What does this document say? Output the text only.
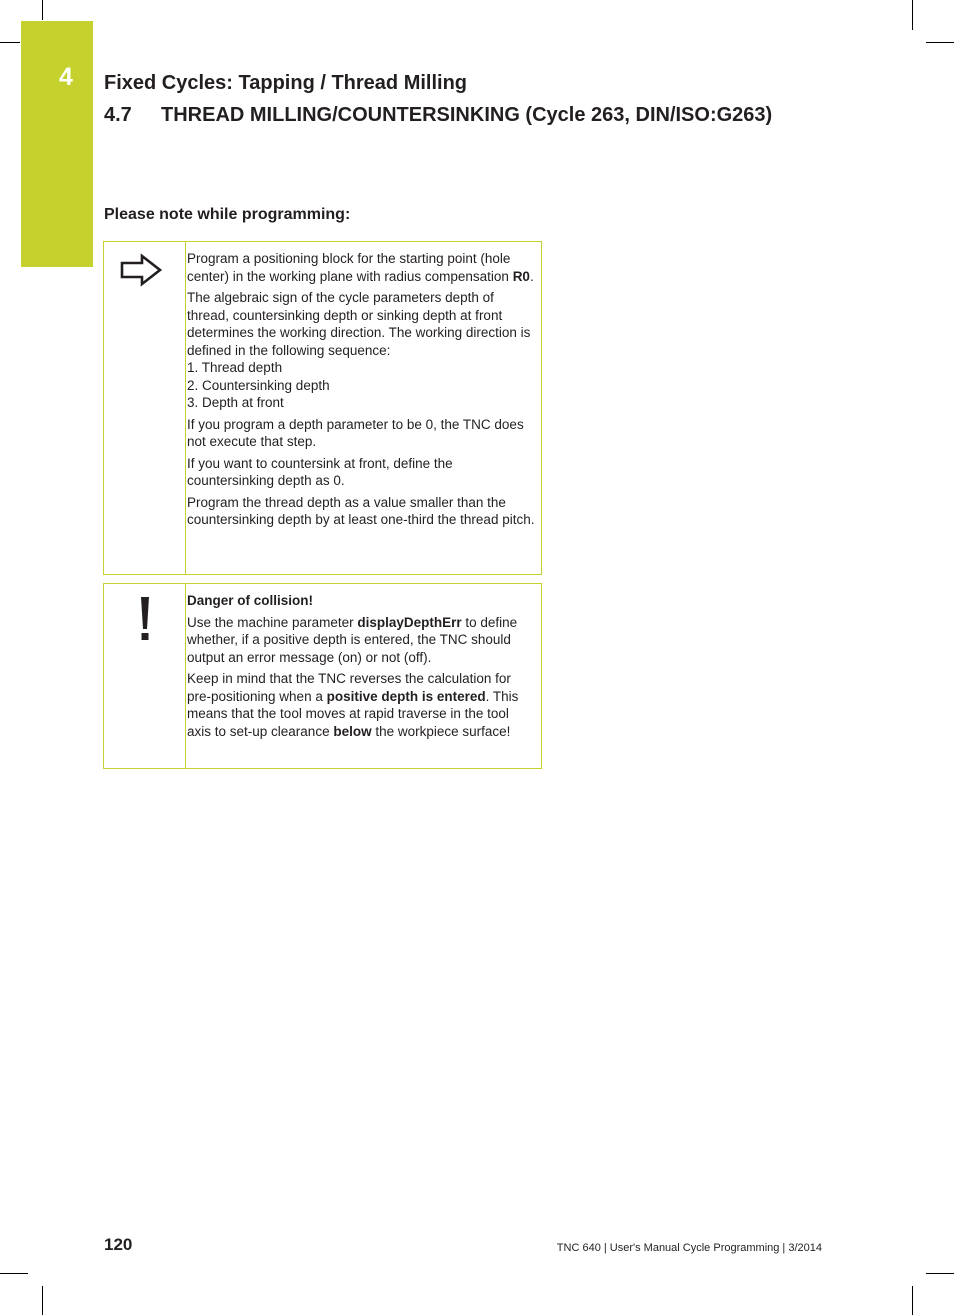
4	Fixed Cycles: Tapping / Thread Milling
4.7 THREAD MILLING/COUNTERSINKING (Cycle 263, DIN/ISO:G263)
Please note while programming:

Program a positioning block for the starting point (hole center) in the working plane with radius compensation R0.

The algebraic sign of the cycle parameters depth of thread, countersinking depth or sinking depth at front determines the working direction. The working direction is defined in the following sequence:
1. Thread depth
2. Countersinking depth
3. Depth at front

If you program a depth parameter to be 0, the TNC does not execute that step.

If you want to countersink at front, define the countersinking depth as 0.

Program the thread depth as a value smaller than the countersinking depth by at least one-third the thread pitch.

Danger of collision!

Use the machine parameter displayDepthErr to define whether, if a positive depth is entered, the TNC should output an error message (on) or not (off).

Keep in mind that the TNC reverses the calculation for pre-positioning when a positive depth is entered. This means that the tool moves at rapid traverse in the tool axis to set-up clearance below the workpiece surface!

120	TNC 640 | User's Manual Cycle Programming | 3/2014
